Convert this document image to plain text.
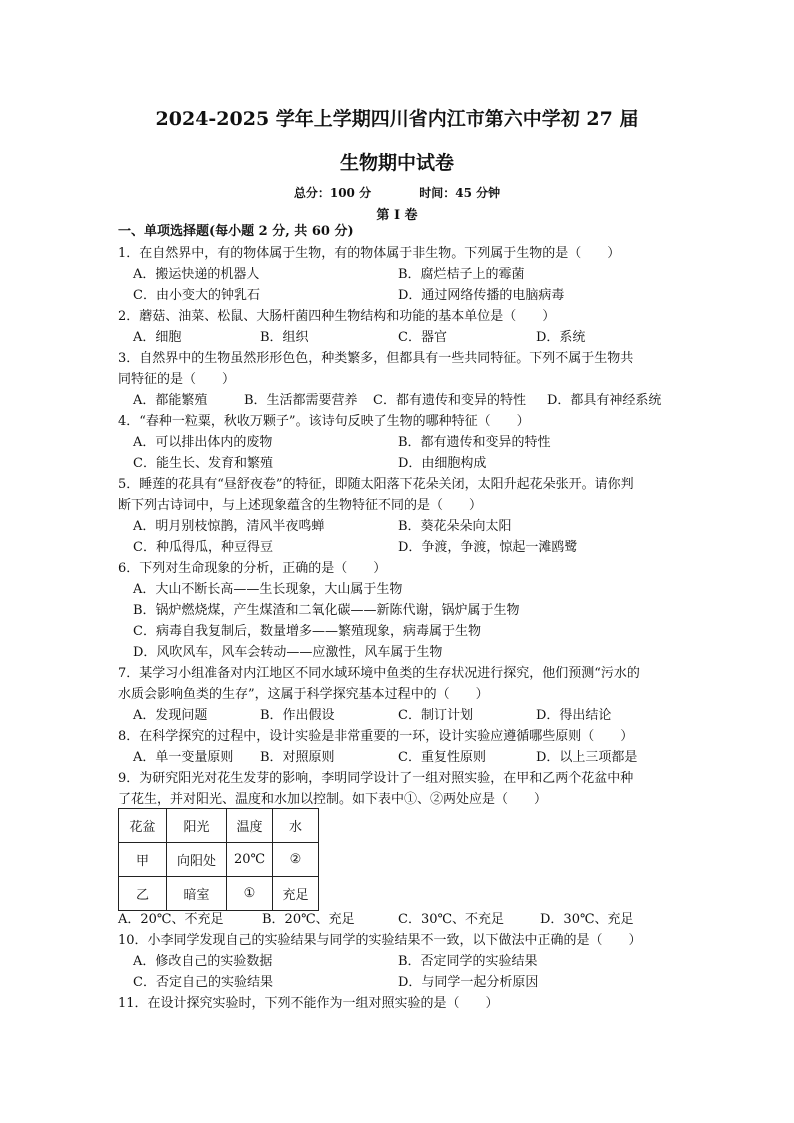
2024-2025 学年上学期四川省内江市第六中学初 27 届
生物期中试卷
总分：100 分	时间：45 分钟
第 I 卷
一、单项选择题(每小题 2 分, 共 60 分)
1．在自然界中，有的物体属于生物，有的物体属于非生物。下列属于生物的是（　　）
A．搬运快递的机器人	B．腐烂桔子上的霉菌
C．由小变大的钟乳石	D．通过网络传播的电脑病毒
2．蘑菇、油菜、松鼠、大肠杆菌四种生物结构和功能的基本单位是（　　）
A．细胞	B．组织	C．器官	D．系统
3．自然界中的生物虽然形形色色，种类繁多，但都具有一些共同特征。下列不属于生物共
同特征的是（　　）
A．都能繁殖	B．生活都需要营养 C．都有遗传和变异的特性 D．都具有神经系统
4．“春种一粒粟，秋收万颗子”。该诗句反映了生物的哪种特征（　　）
A．可以排出体内的废物	B．都有遗传和变异的特性
C．能生长、发育和繁殖	D．由细胞构成
5．睡莲的花具有“昼舒夜卷”的特征，即随太阳落下花朵关闭，太阳升起花朵张开。请你判
断下列古诗词中，与上述现象蕴含的生物特征不同的是（　　）
A．明月别枝惊鹊，清风半夜鸣蝉	B．葵花朵朵向太阳
C．种瓜得瓜，种豆得豆	D．争渡，争渡，惊起一滩鸥鹭
6．下列对生命现象的分析，正确的是（　　）
A．大山不断长高——生长现象，大山属于生物
B．锅炉燃烧煤，产生煤渣和二氧化碳——新陈代谢，锅炉属于生物
C．病毒自我复制后，数量增多——繁殖现象，病毒属于生物
D．风吹风车，风车会转动——应激性，风车属于生物
7．某学习小组准备对内江地区不同水域环境中鱼类的生存状况进行探究，他们预测“污水的
水质会影响鱼类的生存”，这属于科学探究基本过程中的（　　）
A．发现问题	B．作出假设	C．制订计划	D．得出结论
8．在科学探究的过程中，设计实验是非常重要的一环，设计实验应遵循哪些原则（　　）
A．单一变量原则 B．对照原则	C．重复性原则	D．以上三项都是
9．为研究阳光对花生发芽的影响，李明同学设计了一组对照实验，在甲和乙两个花盆中种
了花生，并对阳光、温度和水加以控制。如下表中①、②两处应是（　　）
花盆	阳光	温度	水
甲	向阳处	20℃	②
乙	暗室	①	充足
A．20℃、不充足	B．20℃、充足	C．30℃、不充足	D．30℃、充足
10．小李同学发现自己的实验结果与同学的实验结果不一致，以下做法中正确的是（　　）
A．修改自己的实验数据	B．否定同学的实验结果
C．否定自己的实验结果	D．与同学一起分析原因
11．在设计探究实验时，下列不能作为一组对照实验的是（　　）
